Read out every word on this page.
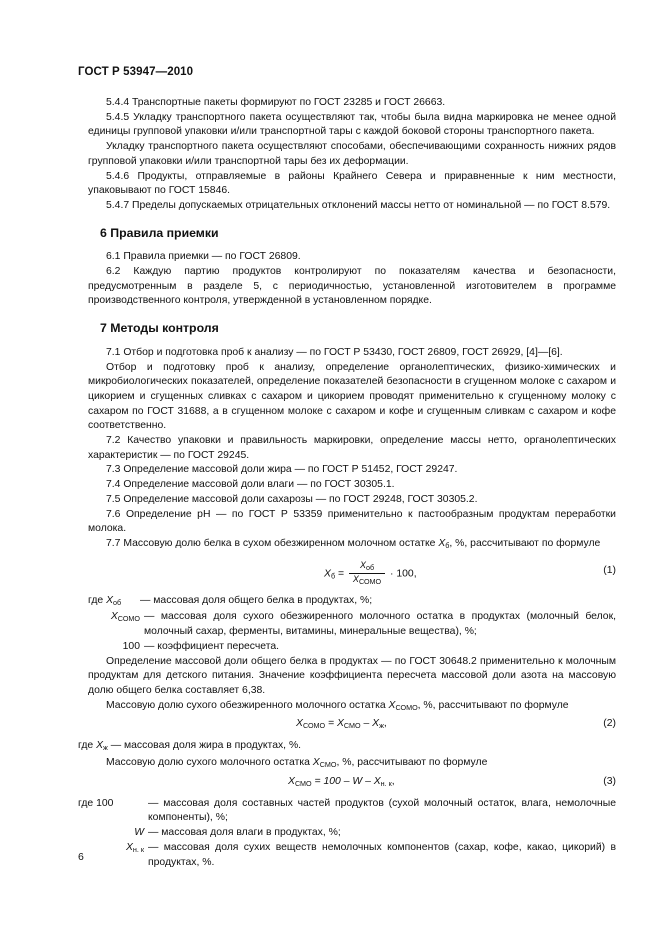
ГОСТ Р 53947—2010

5.4.4 Транспортные пакеты формируют по ГОСТ 23285 и ГОСТ 26663.

5.4.5 Укладку транспортного пакета осуществляют так, чтобы была видна маркировка не менее одной единицы групповой упаковки и/или транспортной тары с каждой боковой стороны транспортного пакета.

Укладку транспортного пакета осуществляют способами, обеспечивающими сохранность нижних рядов групповой упаковки и/или транспортной тары без их деформации.

5.4.6 Продукты, отправляемые в районы Крайнего Севера и приравненные к ним местности, упаковывают по ГОСТ 15846.

5.4.7 Пределы допускаемых отрицательных отклонений массы нетто от номинальной — по ГОСТ 8.579.

6 Правила приемки

6.1 Правила приемки — по ГОСТ 26809.

6.2 Каждую партию продуктов контролируют по показателям качества и безопасности, предусмотренным в разделе 5, с периодичностью, установленной изготовителем в программе производственного контроля, утвержденной в установленном порядке.

7 Методы контроля

7.1 Отбор и подготовка проб к анализу — по ГОСТ Р 53430, ГОСТ 26809, ГОСТ 26929, [4]—[6].

Отбор и подготовку проб к анализу, определение органолептических, физико-химических и микробиологических показателей, определение показателей безопасности в сгущенном молоке с сахаром и цикорием и сгущенных сливках с сахаром и цикорием проводят применительно к сгущенному молоку с сахаром по ГОСТ 31688, а в сгущенном молоке с сахаром и кофе и сгущенным сливкам с сахаром и кофе соответственно.

7.2 Качество упаковки и правильность маркировки, определение массы нетто, органолептических характеристик — по ГОСТ 29245.

7.3 Определение массовой доли жира — по ГОСТ Р 51452, ГОСТ 29247.

7.4 Определение массовой доли влаги — по ГОСТ 30305.1.

7.5 Определение массовой доли сахарозы — по ГОСТ 29248, ГОСТ 30305.2.

7.6 Определение рН — по ГОСТ Р 53359 применительно к пастообразным продуктам переработки молока.

7.7 Массовую долю белка в сухом обезжиренном молочном остатке $X_б$, %, рассчитывают по формуле

$X_б = \frac{X_{об}}{X_{СОМО}} \cdot 100$,	(1)
где $X_{об}$	— массовая доля общего белка в продуктах, %;
$X_{СОМО}$ — массовая доля сухого обезжиренного молочного остатка в продуктах (молочный белок, молочный сахар, ферменты, витамины, минеральные вещества), %;
100 — коэффициент пересчета.

Определение массовой доли общего белка в продуктах — по ГОСТ 30648.2 применительно к молочным продуктам для детского питания. Значение коэффициента пересчета массовой доли азота на массовую долю общего белка составляет 6,38.

Массовую долю сухого обезжиренного молочного остатка $X_{СОМО}$, %, рассчитывают по формуле

$X_{СОМО} = X_{СМО} - X_ж$,	(2)

где $X_ж$ — массовая доля жира в продуктах, %.

Массовую долю сухого молочного остатка $X_{СМО}$, %, рассчитывают по формуле

$X_{СМО} = 100 - W - X_{н. к}$,	(3)
где 100	— массовая доля составных частей продуктов (сухой молочный остаток, влага, немолочные компоненты), %;
W — массовая доля влаги в продуктах, %;
$X_{н. к}$ — массовая доля сухих веществ немолочных компонентов (сахар, кофе, какао, цикорий) в продуктах, %.
6
